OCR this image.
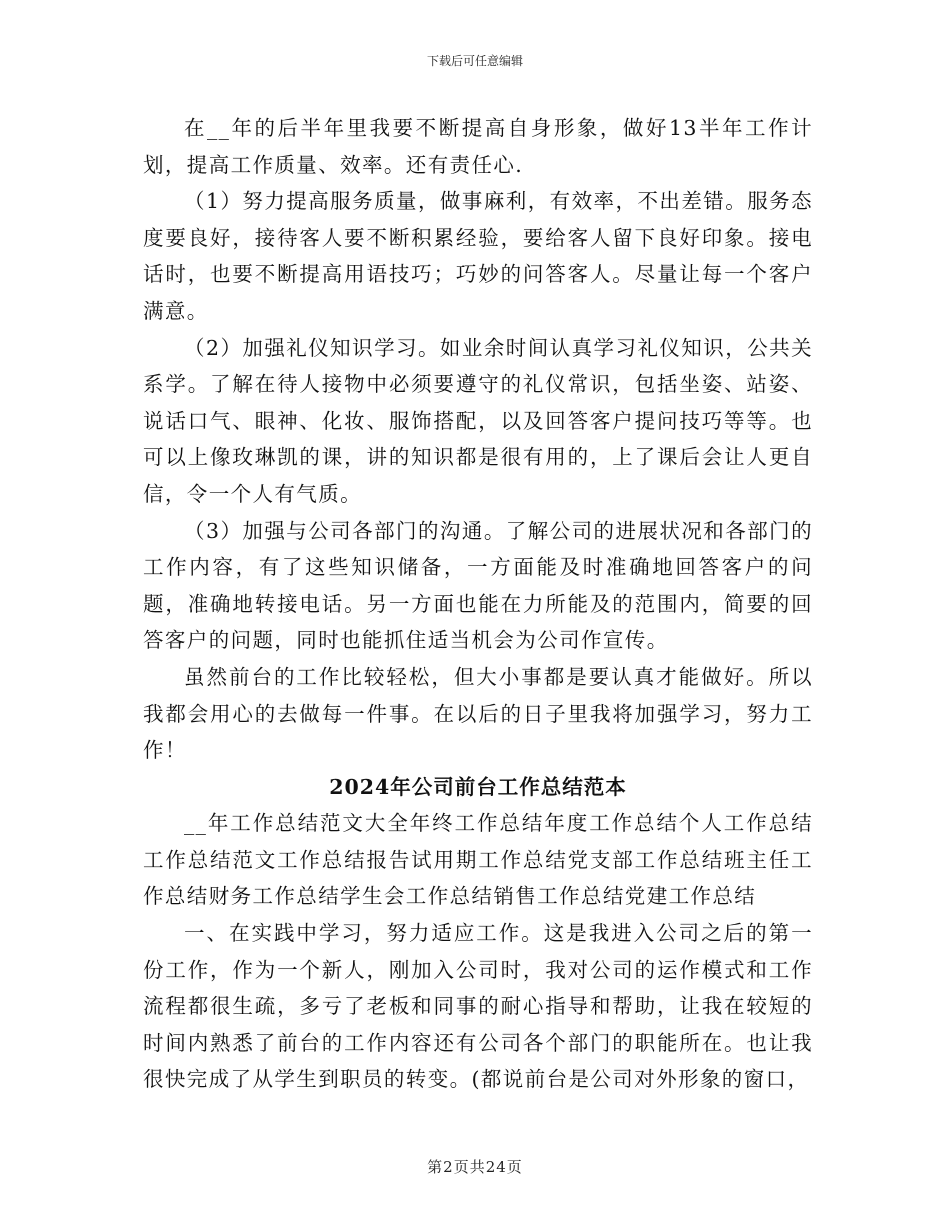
下载后可任意编辑

在__年的后半年里我要不断提高自身形象，做好13半年工作计划，提高工作质量、效率。还有责任心.

（1）努力提高服务质量，做事麻利，有效率，不出差错。服务态度要良好，接待客人要不断积累经验，要给客人留下良好印象。接电话时，也要不断提高用语技巧；巧妙的问答客人。尽量让每一个客户满意。

（2）加强礼仪知识学习。如业余时间认真学习礼仪知识，公共关系学。了解在待人接物中必须要遵守的礼仪常识，包括坐姿、站姿、说话口气、眼神、化妆、服饰搭配，以及回答客户提问技巧等等。也可以上像玫琳凯的课，讲的知识都是很有用的，上了课后会让人更自信，令一个人有气质。

（3）加强与公司各部门的沟通。了解公司的进展状况和各部门的工作内容，有了这些知识储备，一方面能及时准确地回答客户的问题，准确地转接电话。另一方面也能在力所能及的范围内，简要的回答客户的问题，同时也能抓住适当机会为公司作宣传。

虽然前台的工作比较轻松，但大小事都是要认真才能做好。所以我都会用心的去做每一件事。在以后的日子里我将加强学习，努力工作！

2024年公司前台工作总结范本

__年工作总结范文大全年终工作总结年度工作总结个人工作总结工作总结范文工作总结报告试用期工作总结党支部工作总结班主任工作总结财务工作总结学生会工作总结销售工作总结党建工作总结

一、在实践中学习，努力适应工作。这是我进入公司之后的第一份工作，作为一个新人，刚加入公司时，我对公司的运作模式和工作流程都很生疏，多亏了老板和同事的耐心指导和帮助，让我在较短的时间内熟悉了前台的工作内容还有公司各个部门的职能所在。也让我很快完成了从学生到职员的转变。(都说前台是公司对外形象的窗口，

第2页共24页
